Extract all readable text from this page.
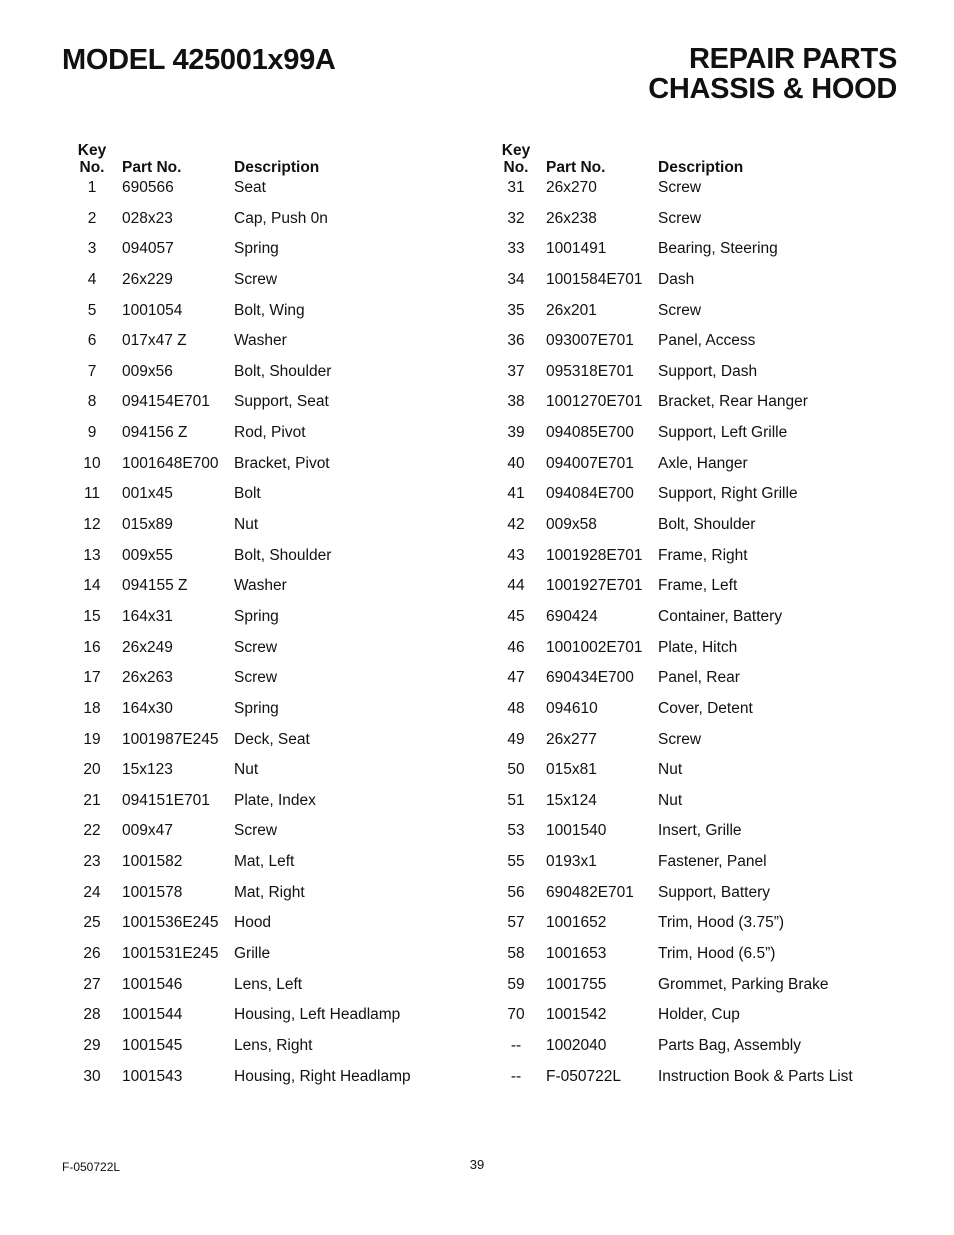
MODEL 425001x99A	REPAIR PARTS
CHASSIS & HOOD
Key
No.	Part No.	Description
1	690566	Seat
2	028x23	Cap, Push 0n
3	094057	Spring
4	26x229	Screw
5	1001054	Bolt, Wing
6	017x47 Z	Washer
7	009x56	Bolt, Shoulder
8	094154E701	Support, Seat
9	094156 Z	Rod, Pivot
10	1001648E700	Bracket, Pivot
11	001x45	Bolt
12	015x89	Nut
13	009x55	Bolt, Shoulder
14	094155 Z	Washer
15	164x31	Spring
16	26x249	Screw
17	26x263	Screw
18	164x30	Spring
19	1001987E245	Deck, Seat
20	15x123	Nut
21	094151E701	Plate, Index
22	009x47	Screw
23	1001582	Mat, Left
24	1001578	Mat, Right
25	1001536E245	Hood
26	1001531E245	Grille
27	1001546	Lens, Left
28	1001544	Housing, Left Headlamp
29	1001545	Lens, Right
30	1001543	Housing, Right Headlamp
Key
No.	Part No.	Description
31	26x270	Screw
32	26x238	Screw
33	1001491	Bearing, Steering
34	1001584E701	Dash
35	26x201	Screw
36	093007E701	Panel, Access
37	095318E701	Support, Dash
38	1001270E701	Bracket, Rear Hanger
39	094085E700	Support, Left Grille
40	094007E701	Axle, Hanger
41	094084E700	Support, Right Grille
42	009x58	Bolt, Shoulder
43	1001928E701	Frame, Right
44	1001927E701	Frame, Left
45	690424	Container, Battery
46	1001002E701	Plate, Hitch
47	690434E700	Panel, Rear
48	094610	Cover, Detent
49	26x277	Screw
50	015x81	Nut
51	15x124	Nut
53	1001540	Insert, Grille
55	0193x1	Fastener, Panel
56	690482E701	Support, Battery
57	1001652	Trim, Hood (3.75”)
58	1001653	Trim, Hood (6.5”)
59	1001755	Grommet, Parking Brake
70	1001542	Holder, Cup
--	1002040	Parts Bag, Assembly
--	F-050722L	Instruction Book & Parts List
F-050722L	39
